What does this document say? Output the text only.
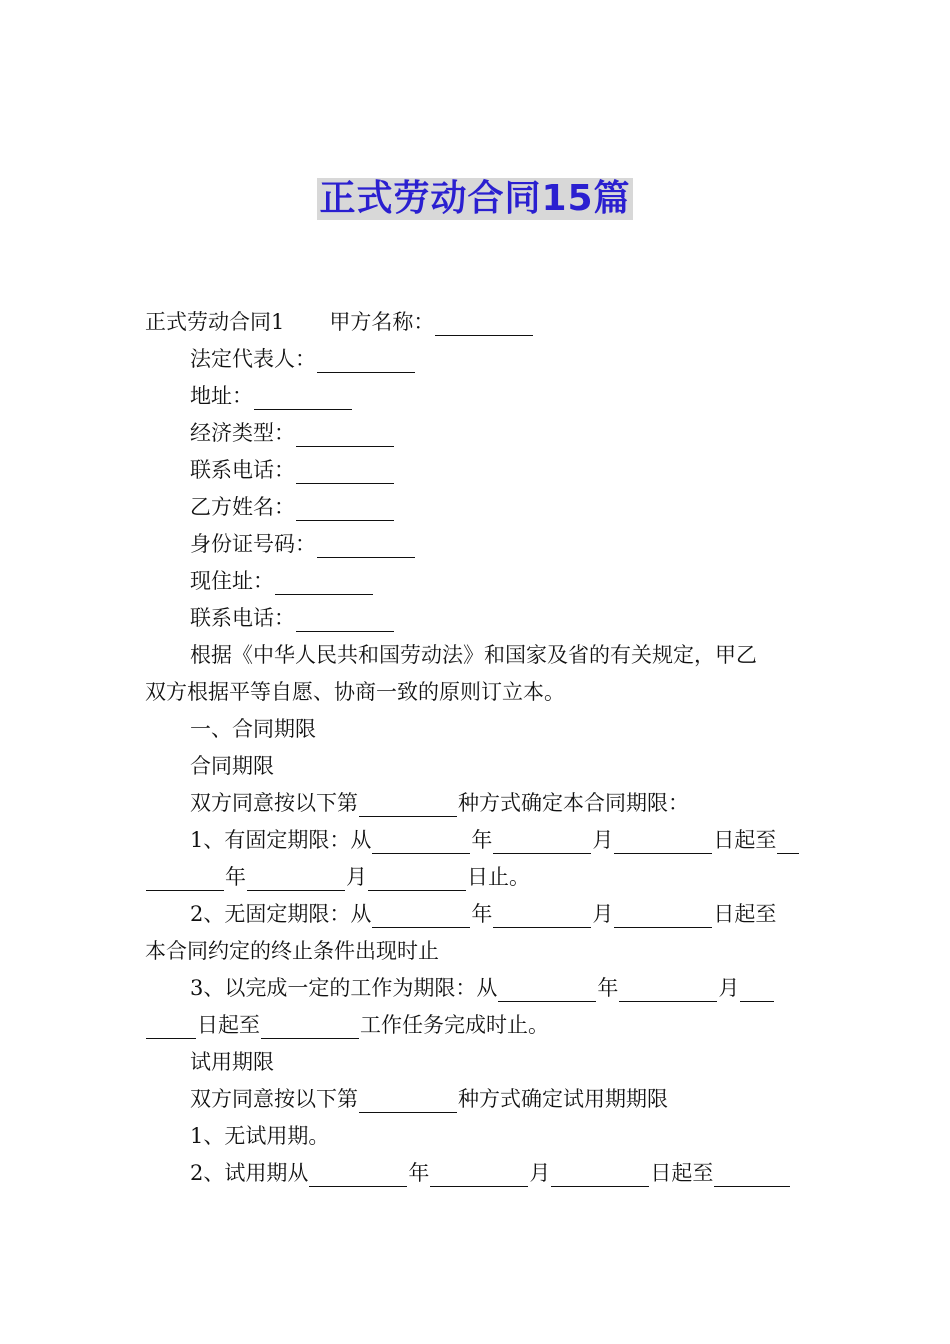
正式劳动合同15篇
正式劳动合同1 甲方名称：
法定代表人：
地址：
经济类型：
联系电话：
乙方姓名：
身份证号码：
现住址：
联系电话：
根据《中华人民共和国劳动法》和国家及省的有关规定，甲乙
双方根据平等自愿、协商一致的原则订立本。
一、合同期限
合同期限
双方同意按以下第	种方式确定本合同期限：
1、有固定期限：从	年	月	日起至
年	月	日止。
2、无固定期限：从	年	月	日起至
本合同约定的终止条件出现时止
3、以完成一定的工作为期限：从	年	月
日起至	工作任务完成时止。
试用期限
双方同意按以下第	种方式确定试用期期限
1、无试用期。
2、试用期从	年	月	日起至
